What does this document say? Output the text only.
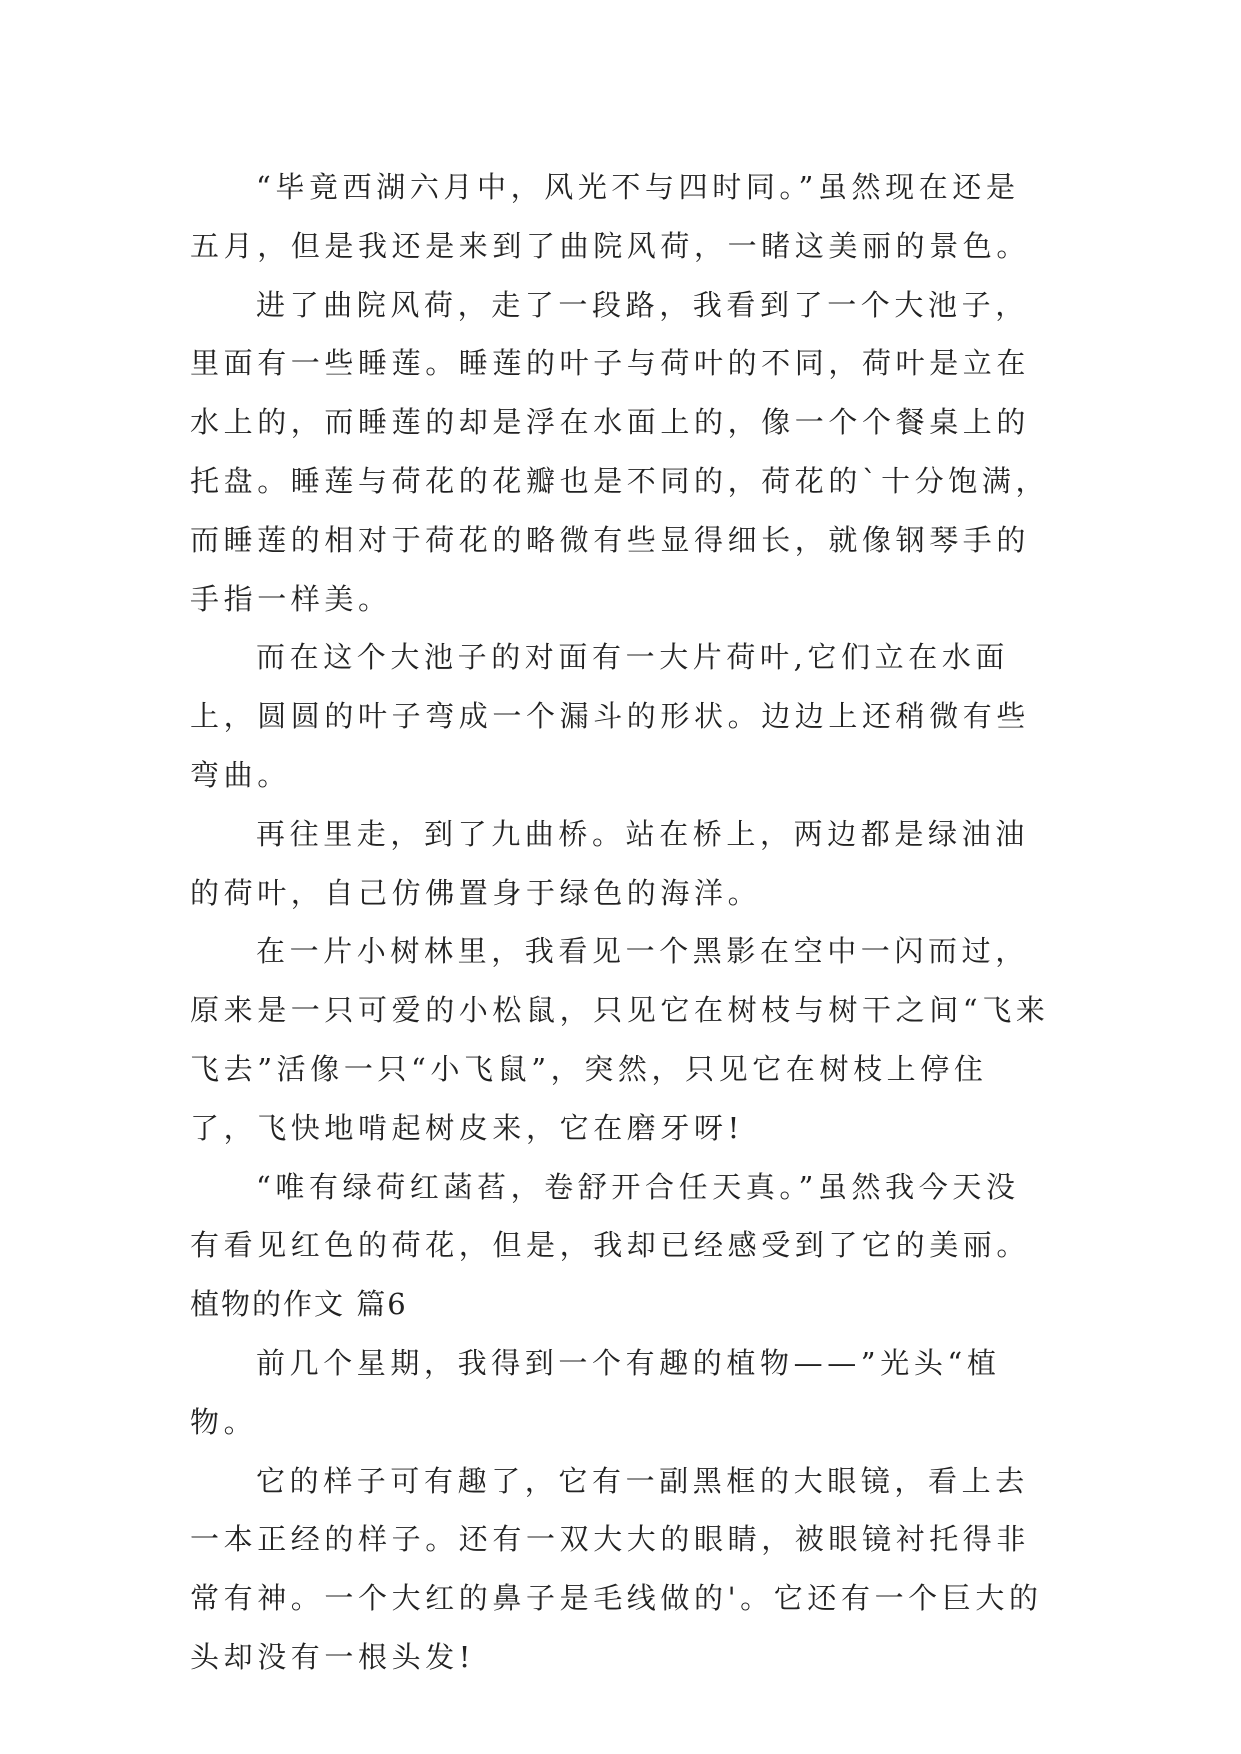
“毕竟西湖六月中，风光不与四时同。”虽然现在还是五月，但是我还是来到了曲院风荷，一睹这美丽的景色。

进了曲院风荷，走了一段路，我看到了一个大池子，里面有一些睡莲。睡莲的叶子与荷叶的不同，荷叶是立在水上的，而睡莲的却是浮在水面上的，像一个个餐桌上的托盘。睡莲与荷花的花瓣也是不同的，荷花的`十分饱满，而睡莲的相对于荷花的略微有些显得细长，就像钢琴手的手指一样美。

而在这个大池子的对面有一大片荷叶,它们立在水面上，圆圆的叶子弯成一个漏斗的形状。边边上还稍微有些弯曲。

再往里走，到了九曲桥。站在桥上，两边都是绿油油的荷叶，自己仿佛置身于绿色的海洋。

在一片小树林里，我看见一个黑影在空中一闪而过，原来是一只可爱的小松鼠，只见它在树枝与树干之间“飞来飞去”活像一只“小飞鼠”，突然，只见它在树枝上停住了，飞快地啃起树皮来，它在磨牙呀!

“唯有绿荷红菡萏，卷舒开合任天真。”虽然我今天没有看见红色的荷花，但是，我却已经感受到了它的美丽。

植物的作文 篇6

前几个星期，我得到一个有趣的植物——”光头“植物。

它的样子可有趣了，它有一副黑框的大眼镜，看上去一本正经的样子。还有一双大大的眼睛，被眼镜衬托得非常有神。一个大红的鼻子是毛线做的'。它还有一个巨大的头却没有一根头发!
